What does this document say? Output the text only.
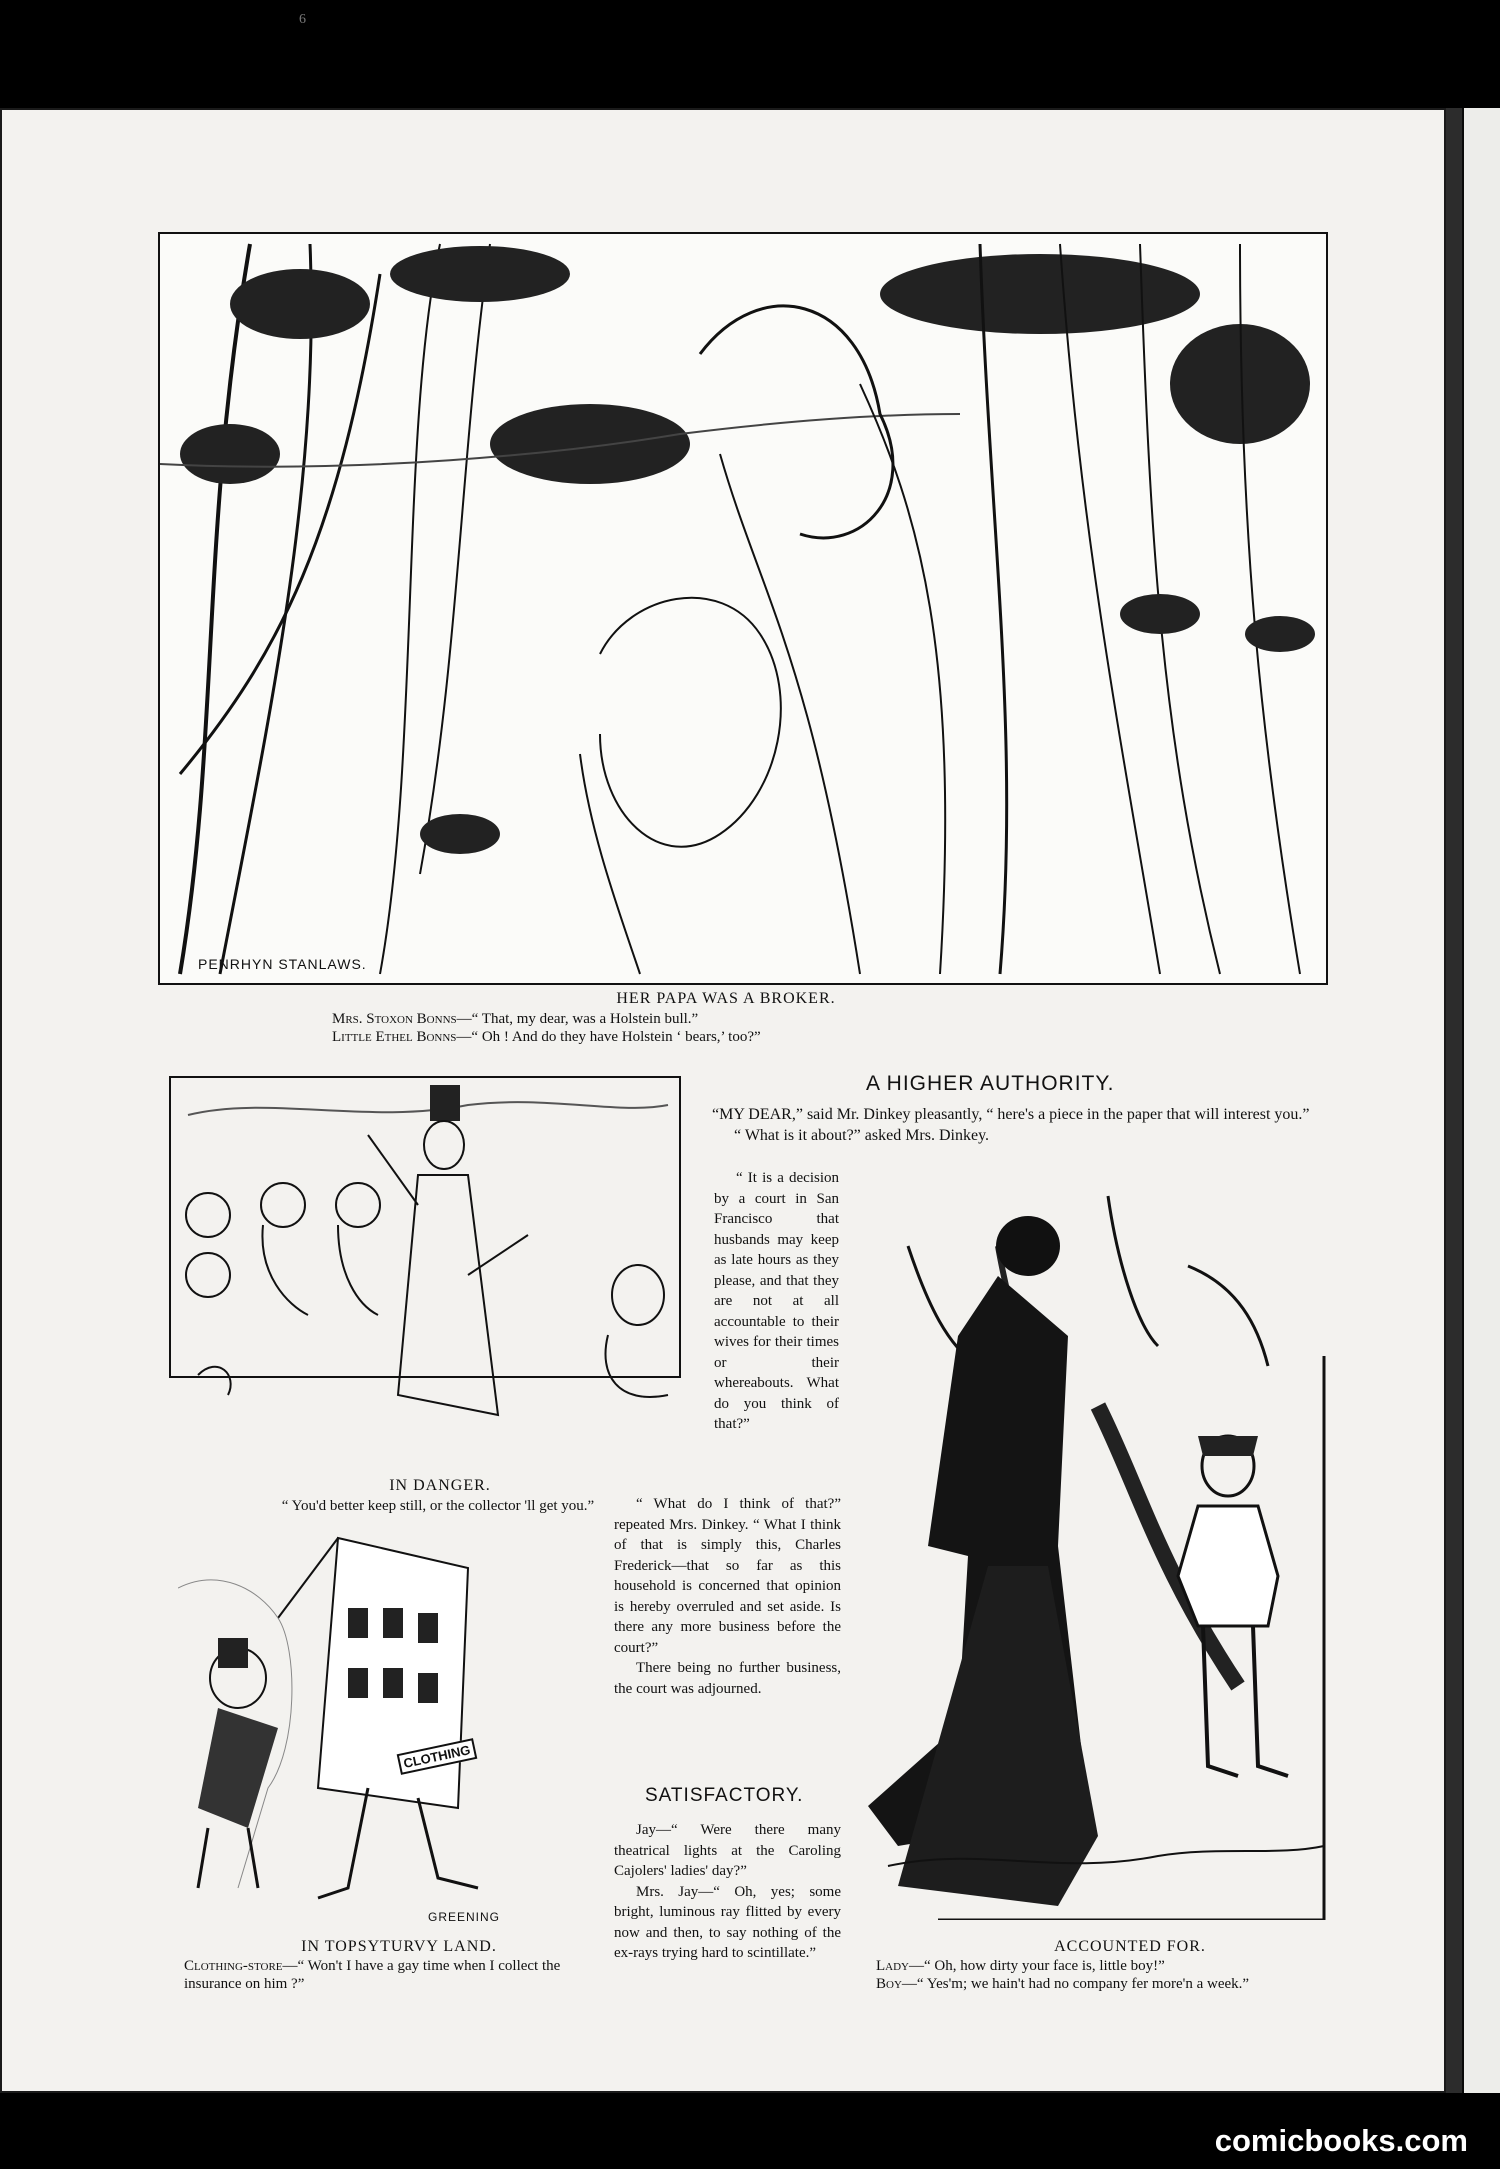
6
PENRHYN STANLAWS.
HER PAPA WAS A BROKER.
Mrs. Stoxon Bonns—“ That, my dear, was a Holstein bull.”
Little Ethel Bonns—“ Oh ! And do they have Holstein ‘ bears,’ too?”
IN DANGER.
“ You'd better keep still, or the collector 'll get you.”
CLOTHING
GREENING
IN TOPSYTURVY LAND.
Clothing-store—“ Won't I have a gay time when I collect the insurance on him ?”
A HIGHER AUTHORITY.

“MY DEAR,” said Mr. Dinkey pleasantly, “ here's a piece in the paper that will interest you.”

“ What is it about?” asked Mrs. Dinkey.

“ It is a decision by a court in San Francisco that husbands may keep as late hours as they please, and that they are not at all accountable to their wives for their times or their whereabouts. What do you think of that?”

“ What do I think of that?” repeated Mrs. Dinkey. “ What I think of that is simply this, Charles Frederick—that so far as this household is concerned that opinion is hereby overruled and set aside. Is there any more business before the court?”

There being no further business, the court was adjourned.

SATISFACTORY.

Jay—“ Were there many theatrical lights at the Caroling Cajolers' ladies' day?”

Mrs. Jay—“ Oh, yes; some bright, luminous ray flitted by every now and then, to say nothing of the ex-rays trying hard to scintillate.”	ACCOUNTED FOR.
Lady—“ Oh, how dirty your face is, little boy!”
Boy—“ Yes'm; we hain't had no company fer more'n a week.”
comicbooks.com
